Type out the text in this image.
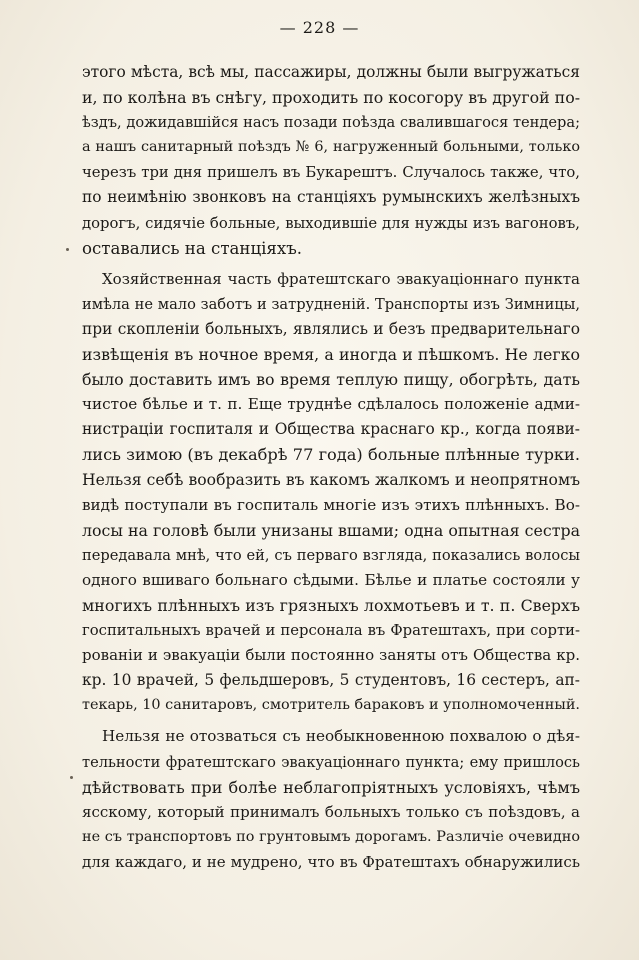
— 228 —
этого мѣста, всѣ мы, пассажиры, должны были выгружаться
и, по колѣна въ снѣгу, проходить по косогору въ другой по-
ѣздъ, дожидавшійся насъ позади поѣзда свалившагося тендера;
а нашъ санитарный поѣздъ № 6, нагруженный больными, только
черезъ три дня пришелъ въ Букарештъ. Случалось также, что,
по неимѣнію звонковъ на станціяхъ румынскихъ желѣзныхъ
дорогъ, сидячіе больные, выходившіе для нужды изъ вагоновъ,
оставались на станціяхъ.
Хозяйственная часть фратештскаго эвакуаціоннаго пункта
имѣла не мало заботъ и затрудненій. Транспорты изъ Зимницы,
при скопленіи больныхъ, являлись и безъ предварительнаго
извѣщенія въ ночное время, а иногда и пѣшкомъ. Не легко
было доставить имъ во время теплую пищу, обогрѣть, дать
чистое бѣлье и т. п. Еще труднѣе сдѣлалось положеніе адми-
нистраціи госпиталя и Общества краснаго кр., когда появи-
лись зимою (въ декабрѣ 77 года) больные плѣнные турки.
Нельзя себѣ вообразить въ какомъ жалкомъ и неопрятномъ
видѣ поступали въ госпиталь многіе изъ этихъ плѣнныхъ. Во-
лосы на головѣ были унизаны вшами; одна опытная сестра
передавала мнѣ, что ей, съ перваго взгляда, показались волосы
одного вшиваго больнаго сѣдыми. Бѣлье и платье состояли у
многихъ плѣнныхъ изъ грязныхъ лохмотьевъ и т. п. Сверхъ
госпитальныхъ врачей и персонала въ Фратештахъ, при сорти-
рованіи и эвакуаціи были постоянно заняты отъ Общества кр.
кр. 10 врачей, 5 фельдшеровъ, 5 студентовъ, 16 сестеръ, ап-
текарь, 10 санитаровъ, смотритель бараковъ и уполномоченный.
Нельзя не отозваться съ необыкновенною похвалою о дѣя-
тельности фратештскаго эвакуаціоннаго пункта; ему пришлось
дѣйствовать при болѣе неблагопріятныхъ условіяхъ, чѣмъ
ясскому, который принималъ больныхъ только съ поѣздовъ, а
не съ транспортовъ по грунтовымъ дорогамъ. Различіе очевидно
для каждаго, и не мудрено, что въ Фратештахъ обнаружились
